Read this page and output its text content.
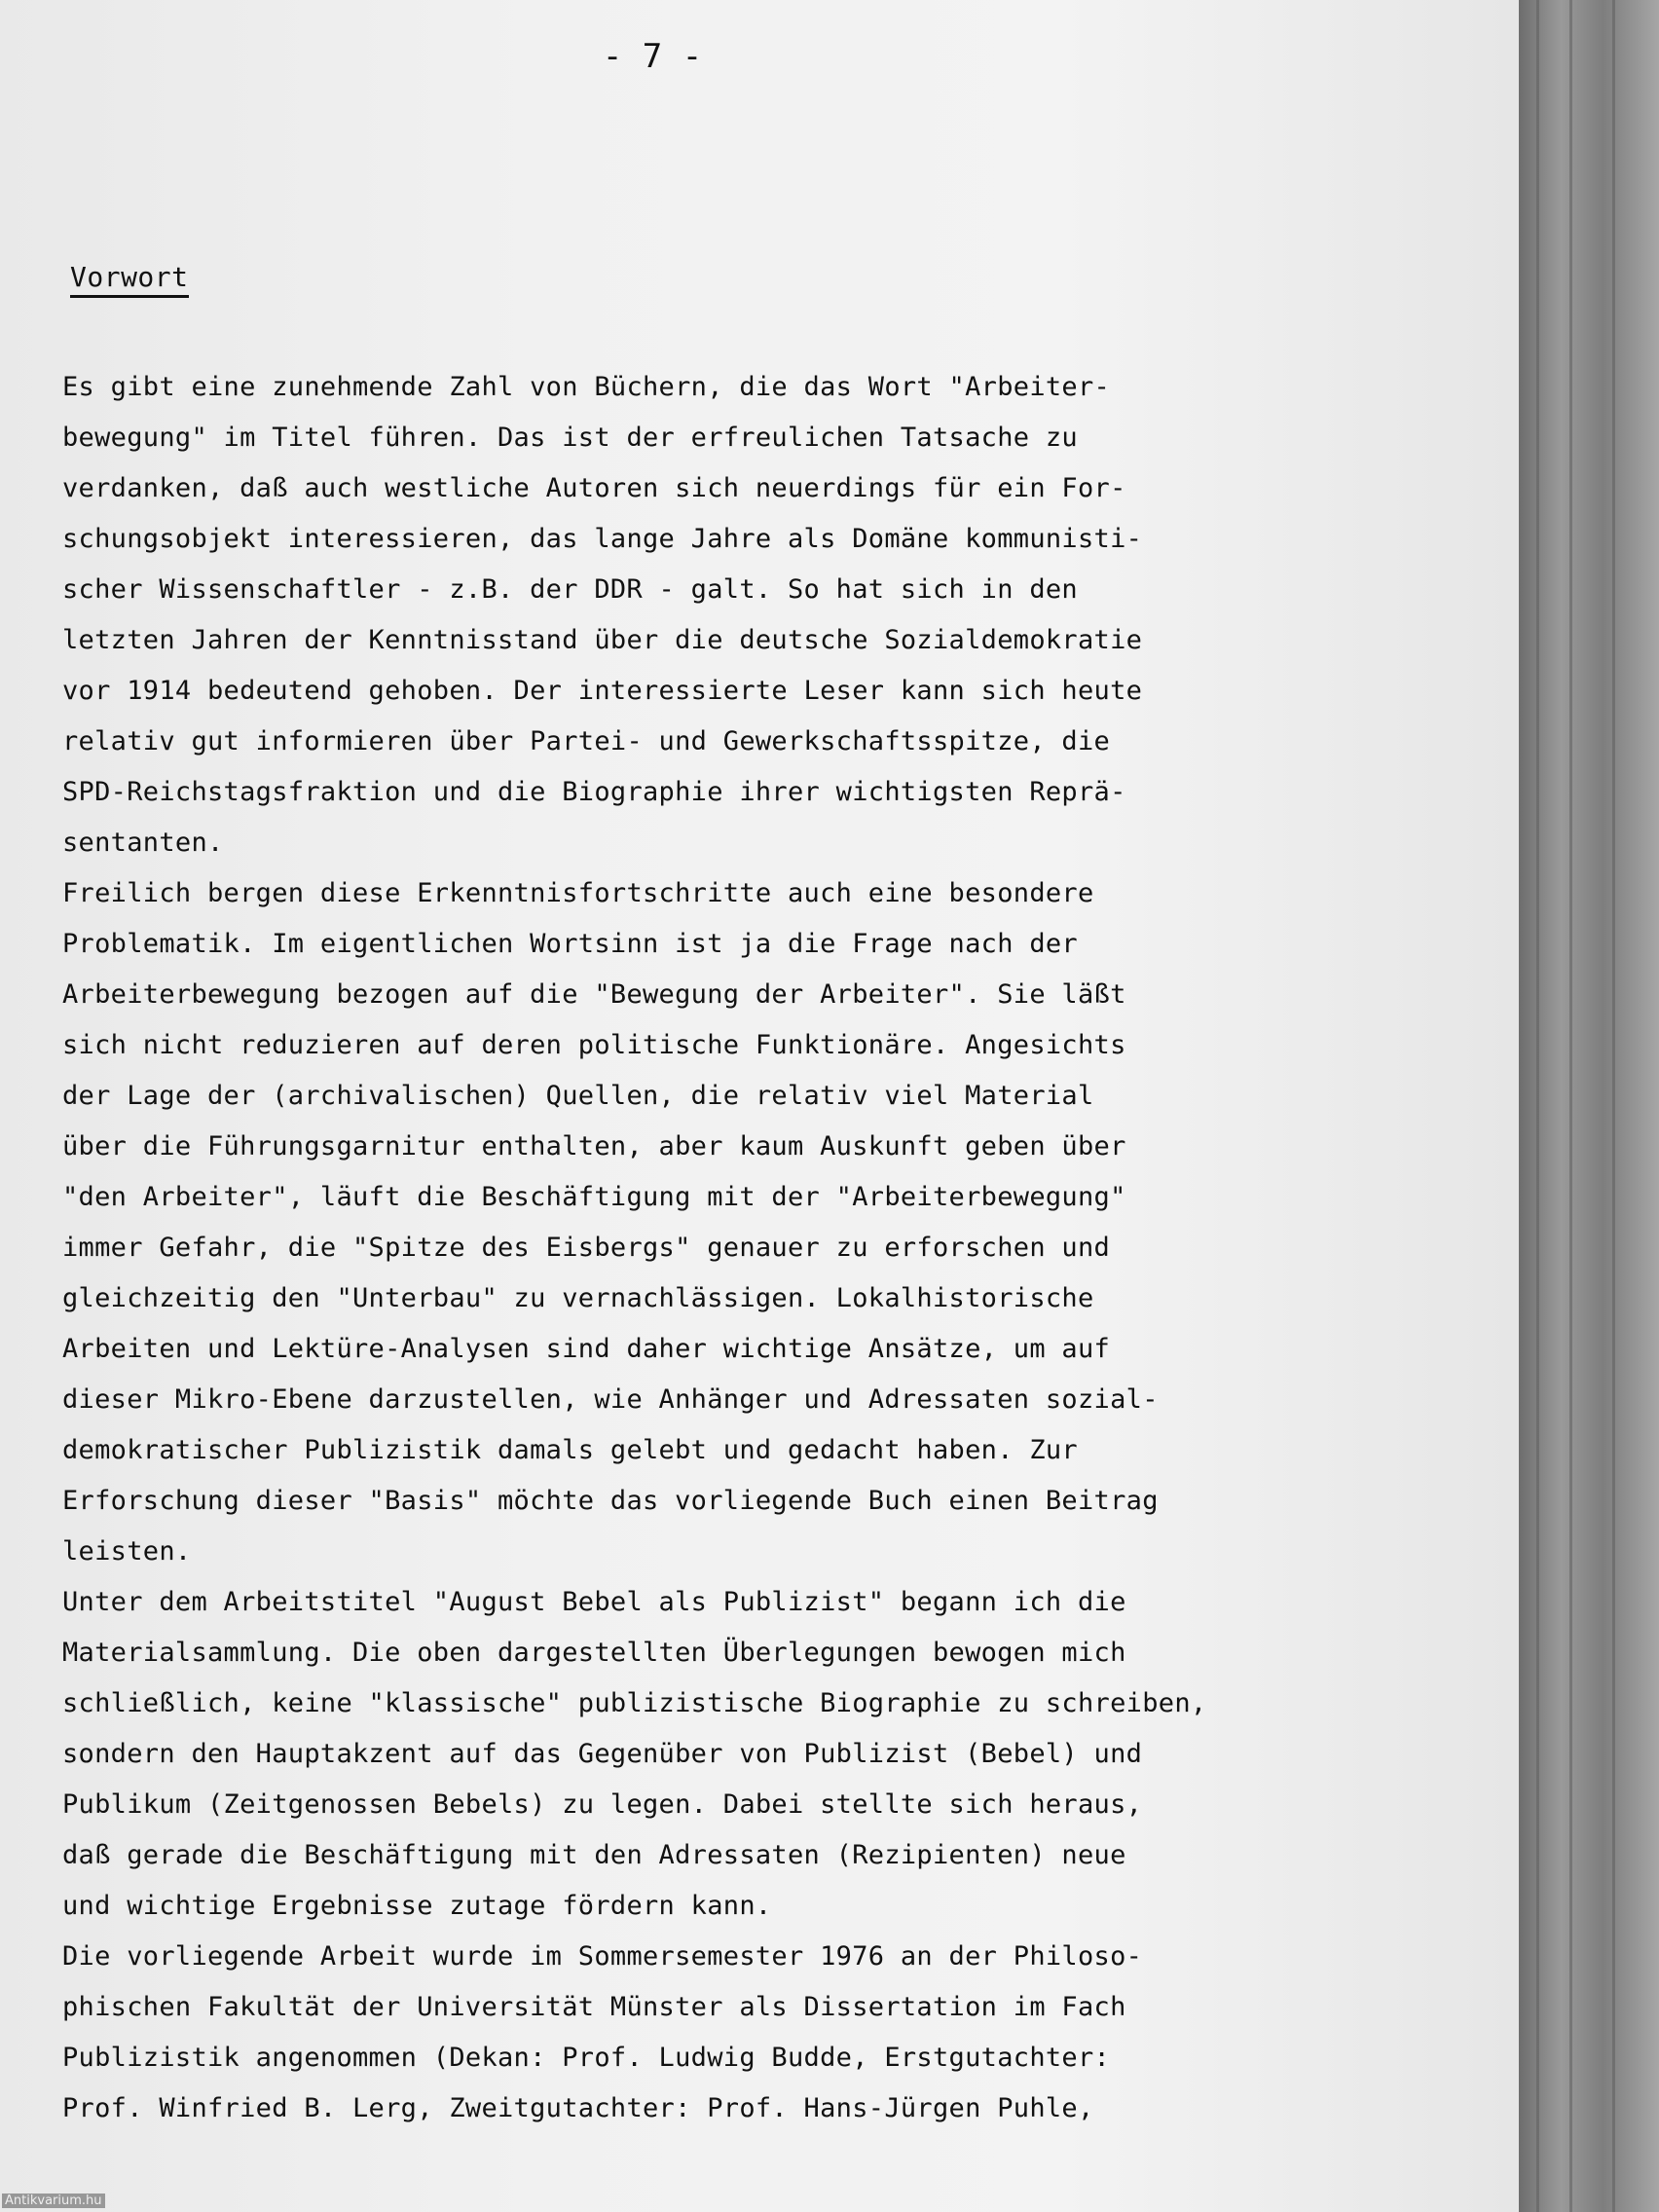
- 7 -
Vorwort
Es gibt eine zunehmende Zahl von Büchern, die das Wort "Arbeiter-
bewegung" im Titel führen. Das ist der erfreulichen Tatsache zu
verdanken, daß auch westliche Autoren sich neuerdings für ein For-
schungsobjekt interessieren, das lange Jahre als Domäne kommunisti-
scher Wissenschaftler - z.B. der DDR - galt. So hat sich in den
letzten Jahren der Kenntnisstand über die deutsche Sozialdemokratie
vor 1914 bedeutend gehoben. Der interessierte Leser kann sich heute
relativ gut informieren über Partei- und Gewerkschaftsspitze, die
SPD-Reichstagsfraktion und die Biographie ihrer wichtigsten Reprä-
sentanten.
Freilich bergen diese Erkenntnisfortschritte auch eine besondere
Problematik. Im eigentlichen Wortsinn ist ja die Frage nach der
Arbeiterbewegung bezogen auf die "Bewegung der Arbeiter". Sie läßt
sich nicht reduzieren auf deren politische Funktionäre. Angesichts
der Lage der (archivalischen) Quellen, die relativ viel Material
über die Führungsgarnitur enthalten, aber kaum Auskunft geben über
"den Arbeiter", läuft die Beschäftigung mit der "Arbeiterbewegung"
immer Gefahr, die "Spitze des Eisbergs" genauer zu erforschen und
gleichzeitig den "Unterbau" zu vernachlässigen. Lokalhistorische
Arbeiten und Lektüre-Analysen sind daher wichtige Ansätze, um auf
dieser Mikro-Ebene darzustellen, wie Anhänger und Adressaten sozial-
demokratischer Publizistik damals gelebt und gedacht haben. Zur
Erforschung dieser "Basis" möchte das vorliegende Buch einen Beitrag
leisten.
Unter dem Arbeitstitel "August Bebel als Publizist" begann ich die
Materialsammlung. Die oben dargestellten Überlegungen bewogen mich
schließlich, keine "klassische" publizistische Biographie zu schreiben,
sondern den Hauptakzent auf das Gegenüber von Publizist (Bebel) und
Publikum (Zeitgenossen Bebels) zu legen. Dabei stellte sich heraus,
daß gerade die Beschäftigung mit den Adressaten (Rezipienten) neue
und wichtige Ergebnisse zutage fördern kann.
Die vorliegende Arbeit wurde im Sommersemester 1976 an der Philoso-
phischen Fakultät der Universität Münster als Dissertation im Fach
Publizistik angenommen (Dekan: Prof. Ludwig Budde, Erstgutachter:
Prof. Winfried B. Lerg, Zweitgutachter: Prof. Hans-Jürgen Puhle,
Antikvarium.hu
